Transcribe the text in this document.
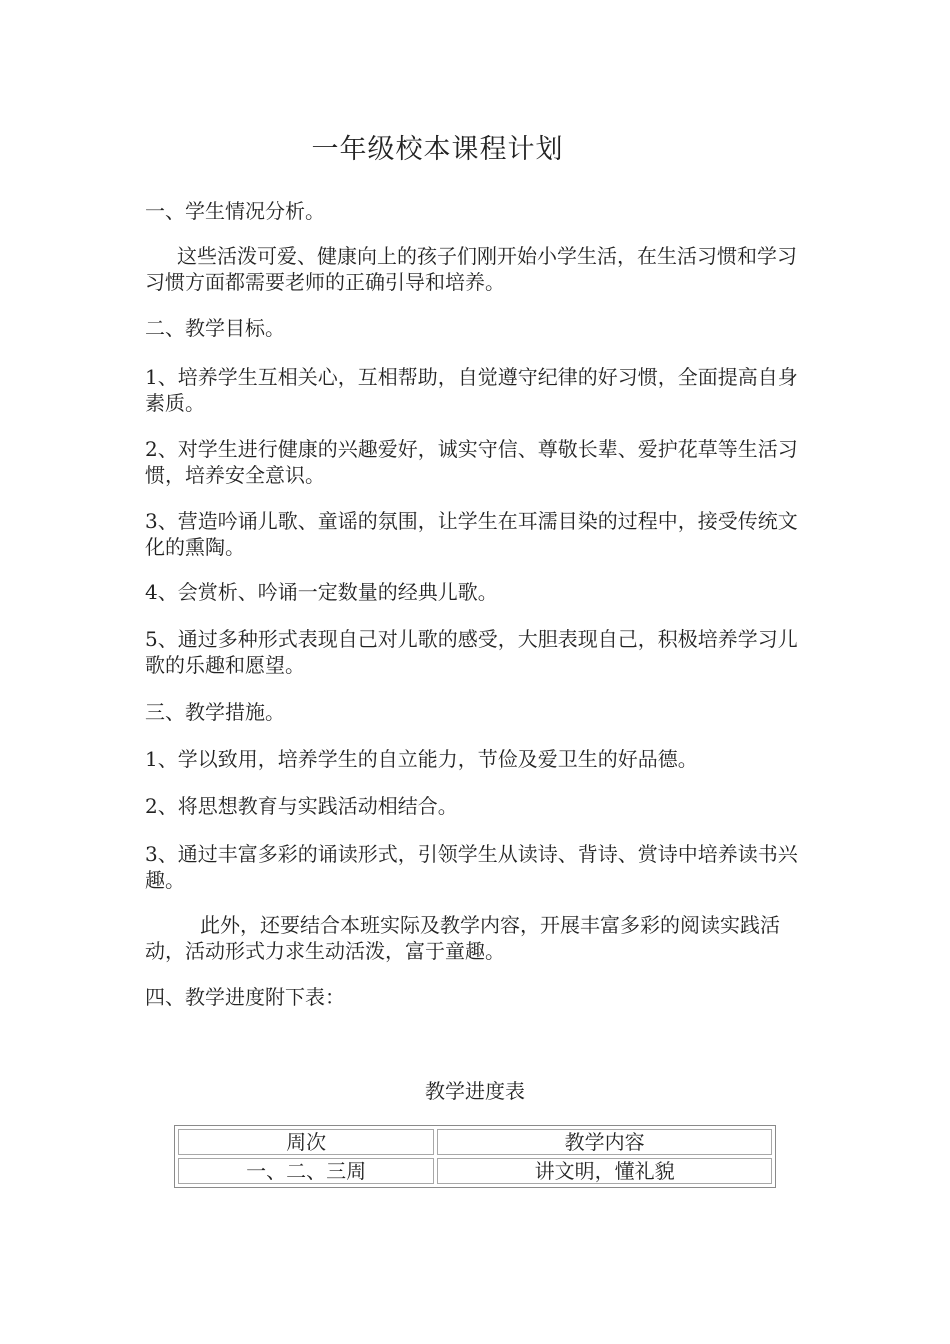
一年级校本课程计划

一、学生情况分析。

这些活泼可爱、健康向上的孩子们刚开始小学生活，在生活习惯和学习习惯方面都需要老师的正确引导和培养。

二、教学目标。

1、培养学生互相关心，互相帮助，自觉遵守纪律的好习惯，全面提高自身素质。

2、对学生进行健康的兴趣爱好，诚实守信、尊敬长辈、爱护花草等生活习惯，培养安全意识。

3、营造吟诵儿歌、童谣的氛围，让学生在耳濡目染的过程中，接受传统文化的熏陶。

4、会赏析、吟诵一定数量的经典儿歌。

5、通过多种形式表现自己对儿歌的感受，大胆表现自己，积极培养学习儿歌的乐趣和愿望。

三、教学措施。

1、学以致用，培养学生的自立能力，节俭及爱卫生的好品德。

2、将思想教育与实践活动相结合。

3、通过丰富多彩的诵读形式，引领学生从读诗、背诗、赏诗中培养读书兴趣。

此外，还要结合本班实际及教学内容，开展丰富多彩的阅读实践活动，活动形式力求生动活泼，富于童趣。

四、教学进度附下表：

教学进度表
周次	教学内容
一、二、三周	讲文明，懂礼貌
